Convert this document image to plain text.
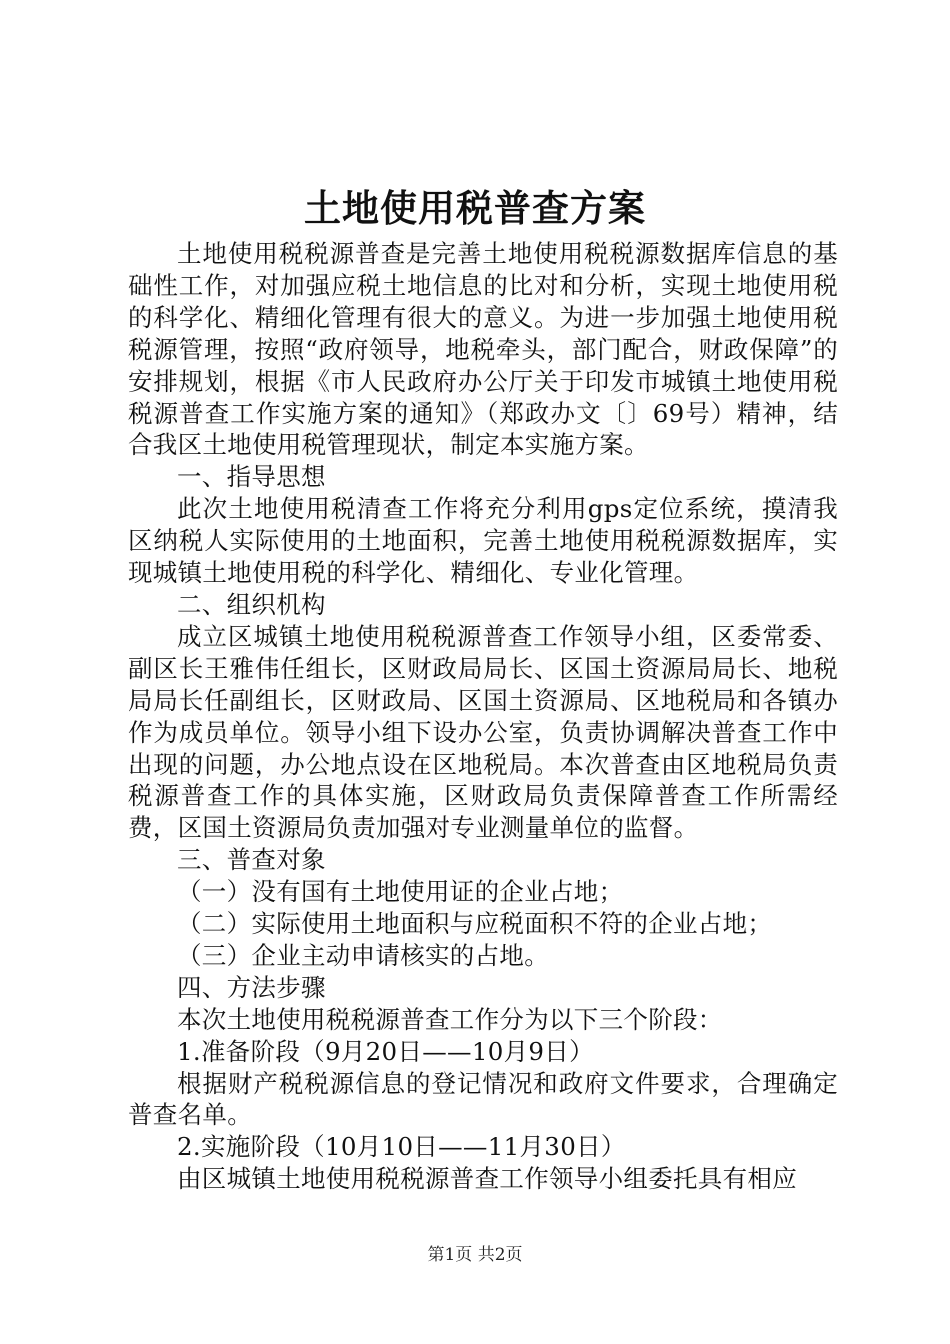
土地使用税普查方案

土地使用税税源普查是完善土地使用税税源数据库信息的基础性工作，对加强应税土地信息的比对和分析，实现土地使用税的科学化、精细化管理有很大的意义。为进一步加强土地使用税税源管理，按照“政府领导，地税牵头，部门配合，财政保障”的安排规划，根据《市人民政府办公厅关于印发市城镇土地使用税税源普查工作实施方案的通知》（郑政办文〔〕69号）精神，结合我区土地使用税管理现状，制定本实施方案。

一、指导思想

此次土地使用税清查工作将充分利用gps定位系统，摸清我区纳税人实际使用的土地面积，完善土地使用税税源数据库，实现城镇土地使用税的科学化、精细化、专业化管理。

二、组织机构

成立区城镇土地使用税税源普查工作领导小组，区委常委、副区长王雅伟任组长，区财政局局长、区国土资源局局长、地税局局长任副组长，区财政局、区国土资源局、区地税局和各镇办作为成员单位。领导小组下设办公室，负责协调解决普查工作中出现的问题，办公地点设在区地税局。本次普查由区地税局负责税源普查工作的具体实施，区财政局负责保障普查工作所需经费，区国土资源局负责加强对专业测量单位的监督。

三、普查对象

（一）没有国有土地使用证的企业占地；

（二）实际使用土地面积与应税面积不符的企业占地；

（三）企业主动申请核实的占地。

四、方法步骤

本次土地使用税税源普查工作分为以下三个阶段：

1.准备阶段（9月20日——10月9日）

根据财产税税源信息的登记情况和政府文件要求，合理确定普查名单。

2.实施阶段（10月10日——11月30日）

由区城镇土地使用税税源普查工作领导小组委托具有相应

第1页 共2页
